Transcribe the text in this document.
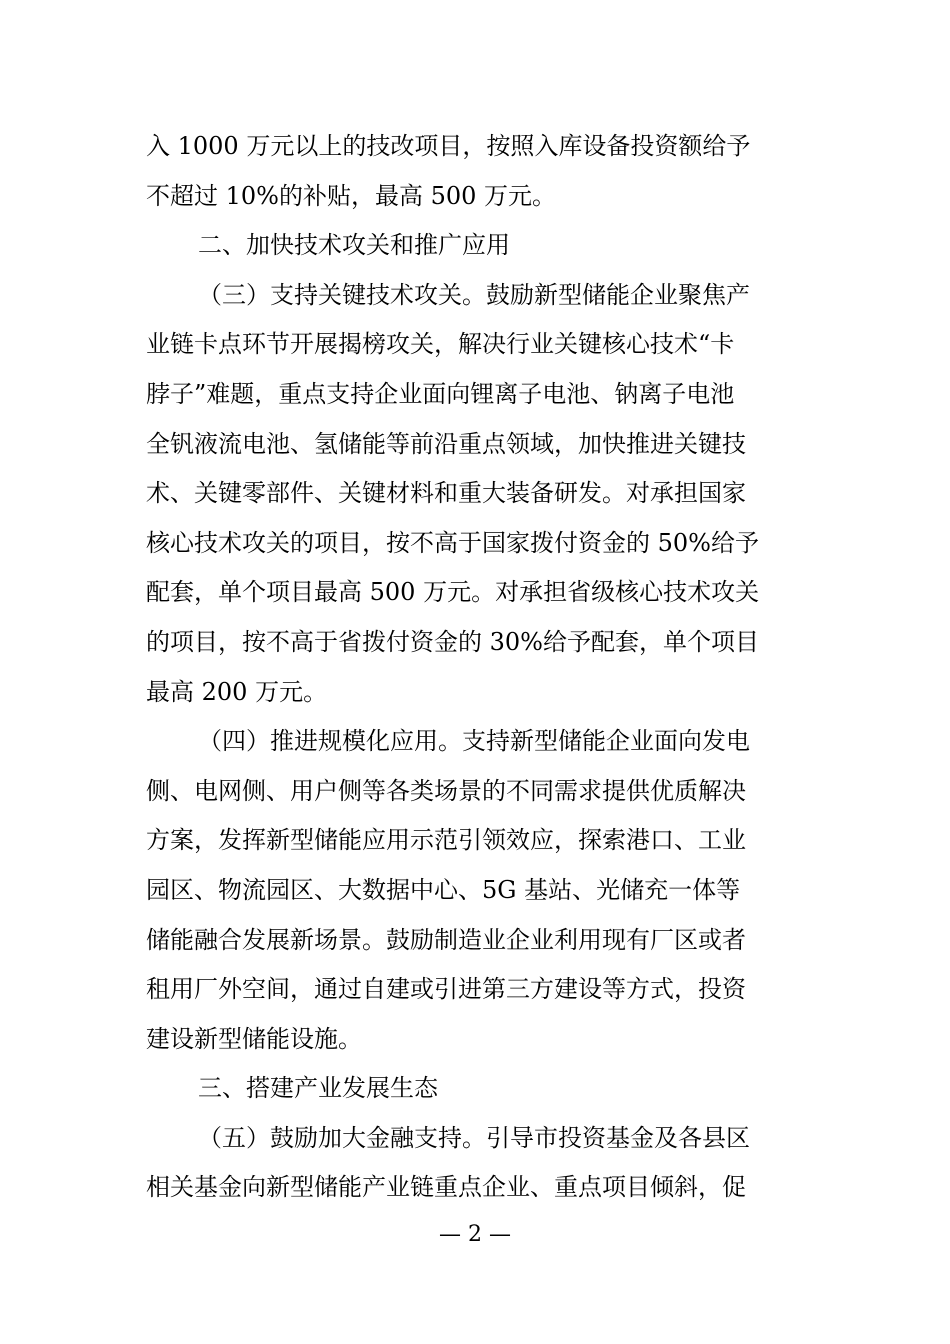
入 1000 万元以上的技改项目，按照入库设备投资额给予
不超过 10%的补贴，最高 500 万元。
二、加快技术攻关和推广应用
（三）支持关键技术攻关。鼓励新型储能企业聚焦产
业链卡点环节开展揭榜攻关，解决行业关键核心技术“卡
脖子”难题，重点支持企业面向锂离子电池、钠离子电池
全钒液流电池、氢储能等前沿重点领域，加快推进关键技
术、关键零部件、关键材料和重大装备研发。对承担国家
核心技术攻关的项目，按不高于国家拨付资金的 50%给予
配套，单个项目最高 500 万元。对承担省级核心技术攻关
的项目，按不高于省拨付资金的 30%给予配套，单个项目
最高 200 万元。
（四）推进规模化应用。支持新型储能企业面向发电
侧、电网侧、用户侧等各类场景的不同需求提供优质解决
方案，发挥新型储能应用示范引领效应，探索港口、工业
园区、物流园区、大数据中心、5G 基站、光储充一体等
储能融合发展新场景。鼓励制造业企业利用现有厂区或者
租用厂外空间，通过自建或引进第三方建设等方式，投资
建设新型储能设施。
三、搭建产业发展生态
（五）鼓励加大金融支持。引导市投资基金及各县区
相关基金向新型储能产业链重点企业、重点项目倾斜，促
— 2 —
